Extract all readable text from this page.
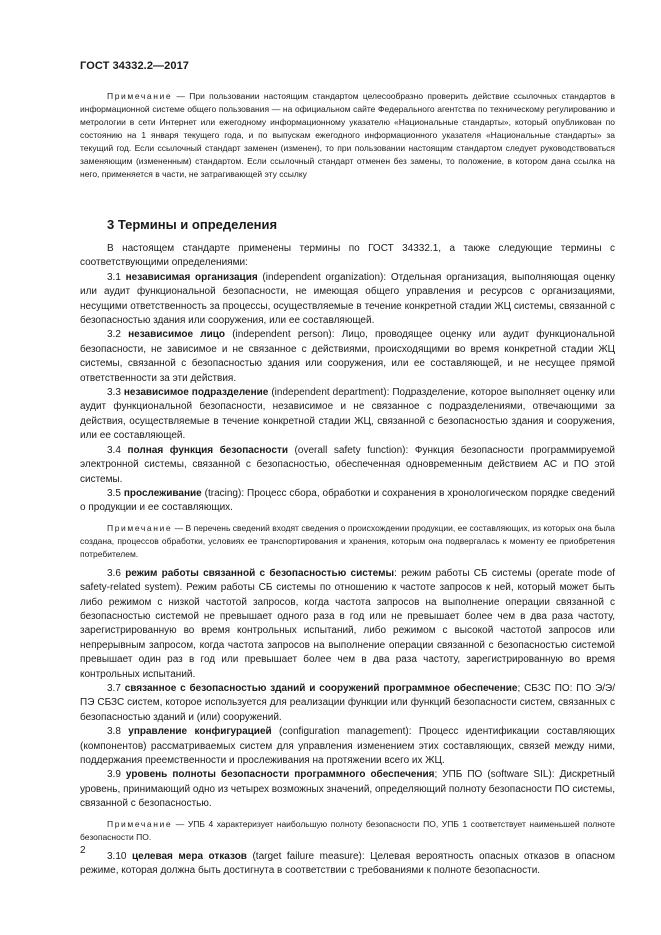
ГОСТ 34332.2—2017

Примечание — При пользовании настоящим стандартом целесообразно проверить действие ссылочных стандартов в информационной системе общего пользования — на официальном сайте Федерального агентства по техническому регулированию и метрологии в сети Интернет или ежегодному информационному указателю «Национальные стандарты», который опубликован по состоянию на 1 января текущего года, и по выпускам ежегодного информационного указателя «Национальные стандарты» за текущий год. Если ссылочный стандарт заменен (изменен), то при пользовании настоящим стандартом следует руководствоваться заменяющим (измененным) стандартом. Если ссылочный стандарт отменен без замены, то положение, в котором дана ссылка на него, применяется в части, не затрагивающей эту ссылку

3 Термины и определения

В настоящем стандарте применены термины по ГОСТ 34332.1, а также следующие термины с соответствующими определениями:

3.1 независимая организация (independent organization): Отдельная организация, выполняющая оценку или аудит функциональной безопасности, не имеющая общего управления и ресурсов с организациями, несущими ответственность за процессы, осуществляемые в течение конкретной стадии ЖЦ системы, связанной с безопасностью здания или сооружения, или ее составляющей.

3.2 независимое лицо (independent person): Лицо, проводящее оценку или аудит функциональной безопасности, не зависимое и не связанное с действиями, происходящими во время конкретной стадии ЖЦ системы, связанной с безопасностью здания или сооружения, или ее составляющей, и не несущее прямой ответственности за эти действия.

3.3 независимое подразделение (independent department): Подразделение, которое выполняет оценку или аудит функциональной безопасности, независимое и не связанное с подразделениями, отвечающими за действия, осуществляемые в течение конкретной стадии ЖЦ, связанной с безопасностью здания и сооружения, или ее составляющей.

3.4 полная функция безопасности (overall safety function): Функция безопасности программируемой электронной системы, связанной с безопасностью, обеспеченная одновременным действием АС и ПО этой системы.

3.5 прослеживание (tracing): Процесс сбора, обработки и сохранения в хронологическом порядке сведений о продукции и ее составляющих.

Примечание — В перечень сведений входят сведения о происхождении продукции, ее составляющих, из которых она была создана, процессов обработки, условиях ее транспортирования и хранения, которым она подвергалась к моменту ее приобретения потребителем.

3.6 режим работы связанной с безопасностью системы: режим работы СБ системы (operate mode of safety-related system). Режим работы СБ системы по отношению к частоте запросов к ней, который может быть либо режимом с низкой частотой запросов, когда частота запросов на выполнение операции связанной с безопасностью системой не превышает одного раза в год или не превышает более чем в два раза частоту, зарегистрированную во время контрольных испытаний, либо режимом с высокой частотой запросов или непрерывным запросом, когда частота запросов на выполнение операции связанной с безопасностью системой превышает один раз в год или превышает более чем в два раза частоту, зарегистрированную во время контрольных испытаний.

3.7 связанное с безопасностью зданий и сооружений программное обеспечение; СБЗС ПО: ПО Э/Э/ПЭ СБЗС систем, которое используется для реализации функции или функций безопасности систем, связанных с безопасностью зданий и (или) сооружений.

3.8 управление конфигурацией (configuration management): Процесс идентификации составляющих (компонентов) рассматриваемых систем для управления изменением этих составляющих, связей между ними, поддержания преемственности и прослеживания на протяжении всего их ЖЦ.

3.9 уровень полноты безопасности программного обеспечения; УПБ ПО (software SIL): Дискретный уровень, принимающий одно из четырех возможных значений, определяющий полноту безопасности ПО системы, связанной с безопасностью.

Примечание — УПБ 4 характеризует наибольшую полноту безопасности ПО, УПБ 1 соответствует наименьшей полноте безопасности ПО.

3.10 целевая мера отказов (target failure measure): Целевая вероятность опасных отказов в опасном режиме, которая должна быть достигнута в соответствии с требованиями к полноте безопасности.

2
